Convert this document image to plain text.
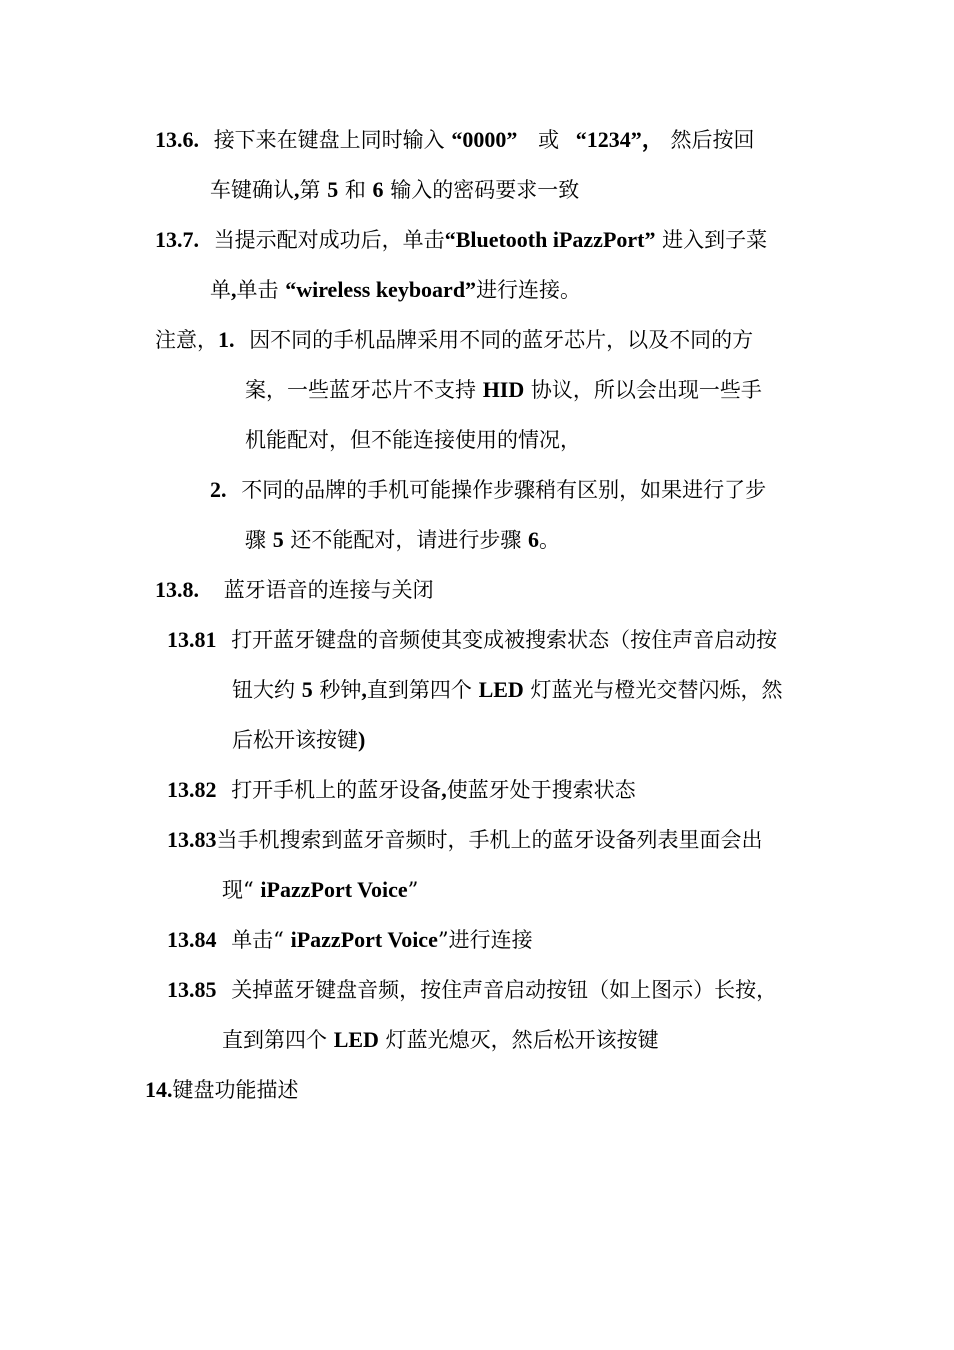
13.6. 接下来在键盘上同时输入 “0000” 或 “1234”， 然后按回
车键确认,第 5 和 6 输入的密码要求一致
13.7. 当提示配对成功后，单击“Bluetooth iPazzPort” 进入到子菜
单,单击 “wireless keyboard”进行连接。
注意，1. 因不同的手机品牌采用不同的蓝牙芯片，以及不同的方
案，一些蓝牙芯片不支持 HID 协议，所以会出现一些手
机能配对，但不能连接使用的情况，
2. 不同的品牌的手机可能操作步骤稍有区别，如果进行了步
骤 5 还不能配对，请进行步骤 6。
13.8. 蓝牙语音的连接与关闭
13.81 打开蓝牙键盘的音频使其变成被搜索状态（按住声音启动按
钮大约 5 秒钟,直到第四个 LED 灯蓝光与橙光交替闪烁，然
后松开该按键)
13.82 打开手机上的蓝牙设备,使蓝牙处于搜索状态
13.83当手机搜索到蓝牙音频时，手机上的蓝牙设备列表里面会出
现“ iPazzPort Voice”
13.84 单击“ iPazzPort Voice”进行连接
13.85 关掉蓝牙键盘音频，按住声音启动按钮（如上图示）长按，
直到第四个 LED 灯蓝光熄灭，然后松开该按键
14.键盘功能描述
